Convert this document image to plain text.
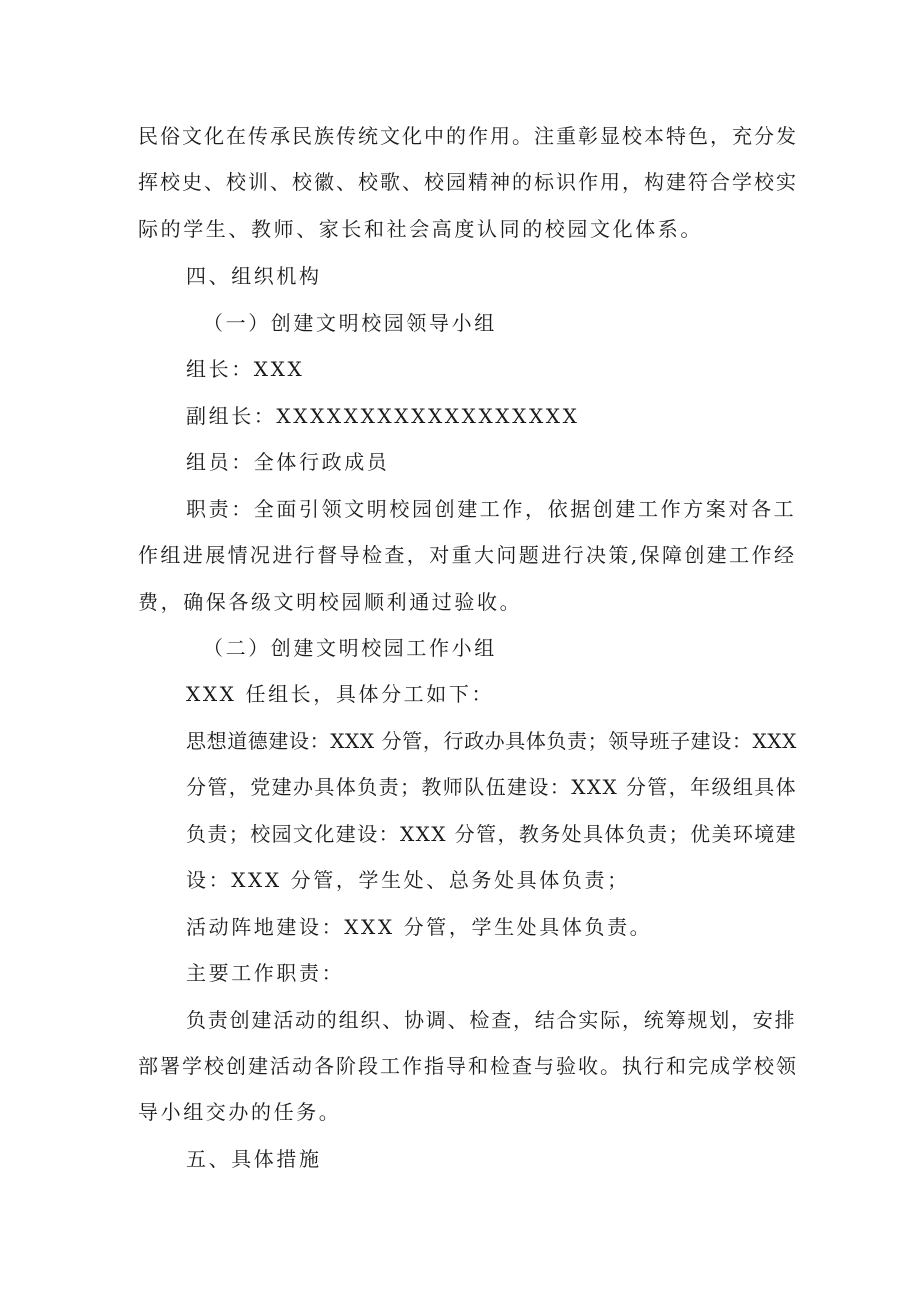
民俗文化在传承民族传统文化中的作用。注重彰显校本特色，充分发
挥校史、校训、校徽、校歌、校园精神的标识作用，构建符合学校实
际的学生、教师、家长和社会高度认同的校园文化体系。
四、组织机构
（一）创建文明校园领导小组
组长：XXX
副组长：XXXXXXXXXXXXXXXXXX
组员：全体行政成员
职责：全面引领文明校园创建工作，依据创建工作方案对各工
作组进展情况进行督导检查，对重大问题进行决策,保障创建工作经
费，确保各级文明校园顺利通过验收。
（二）创建文明校园工作小组
XXX 任组长，具体分工如下：
思想道德建设：XXX 分管，行政办具体负责；领导班子建设：XXX
分管，党建办具体负责；教师队伍建设：XXX 分管，年级组具体
负责；校园文化建设：XXX 分管，教务处具体负责；优美环境建
设：XXX 分管，学生处、总务处具体负责；
活动阵地建设：XXX 分管，学生处具体负责。
主要工作职责：
负责创建活动的组织、协调、检查，结合实际，统筹规划，安排
部署学校创建活动各阶段工作指导和检查与验收。执行和完成学校领
导小组交办的任务。
五、具体措施
